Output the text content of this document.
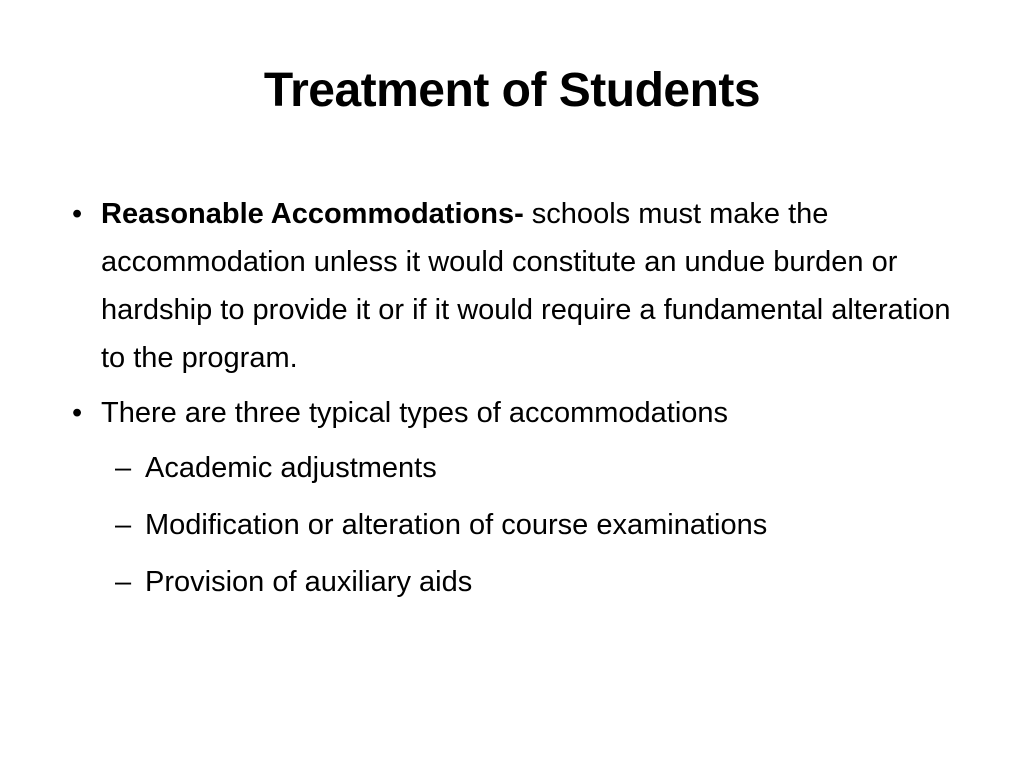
Treatment of Students
• Reasonable Accommodations- schools must make the accommodation unless it would constitute an undue burden or hardship to provide it or if it would require a fundamental alteration to the program.
• There are three typical types of accommodations
– Academic adjustments
– Modification or alteration of course examinations
– Provision of auxiliary aids
